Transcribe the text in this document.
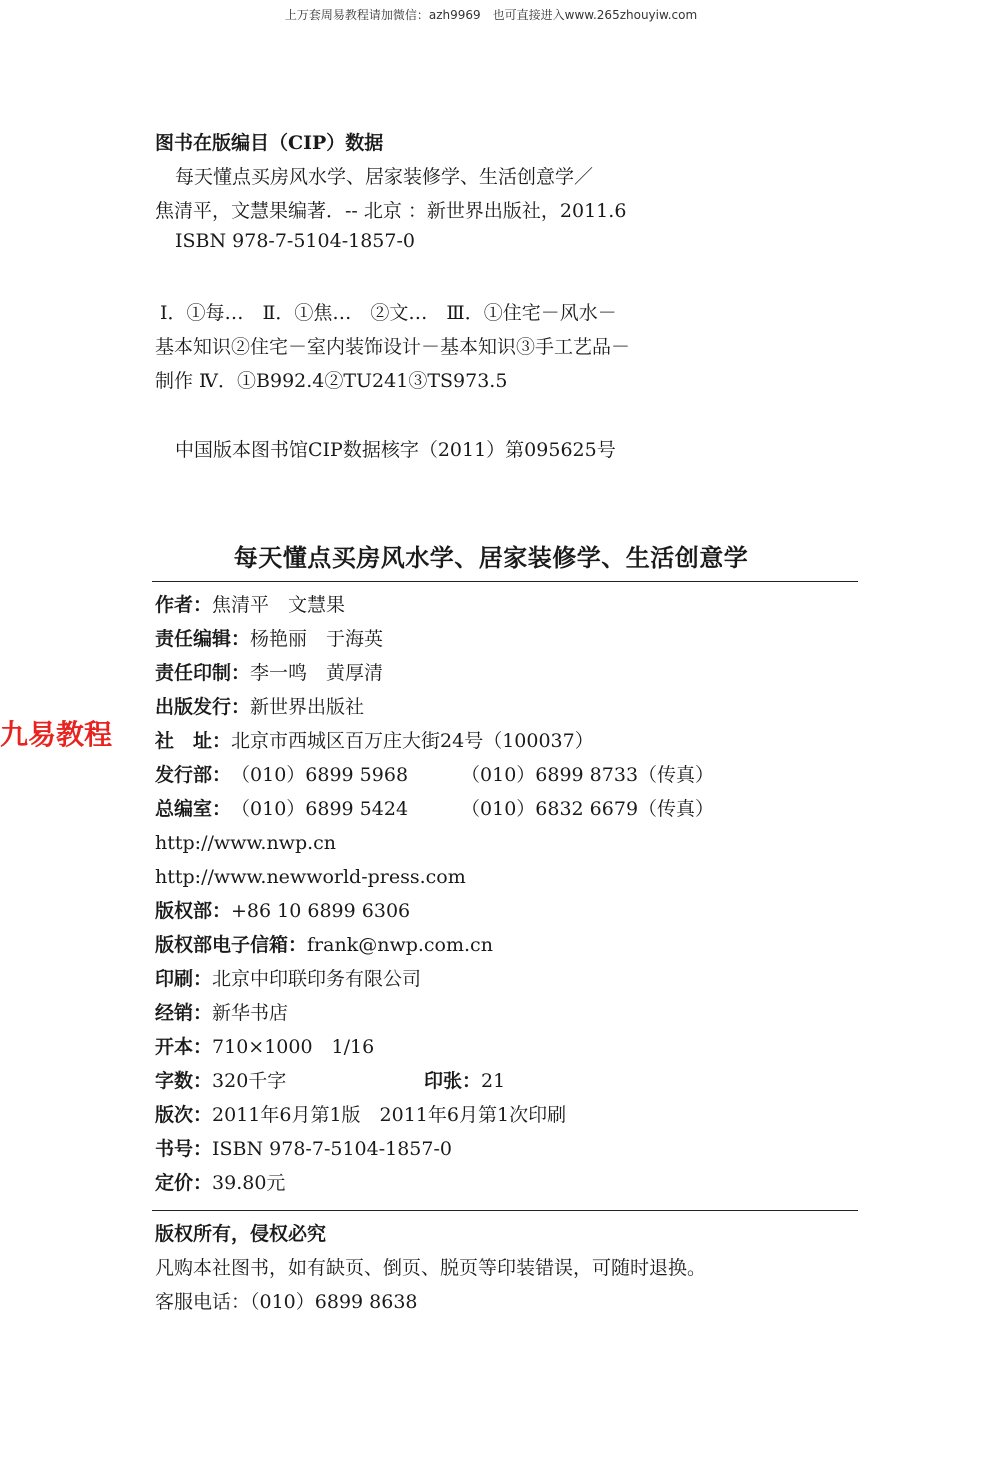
上万套周易教程请加微信：azh9969　也可直接进入www.265zhouyiw.com
九易教程
图书在版编目（CIP）数据
每天懂点买房风水学、居家装修学、生活创意学／
焦清平，文慧果编著．-- 北京 ：新世界出版社，2011.6
ISBN 978-7-5104-1857-0
Ⅰ．①每…　Ⅱ．①焦…　②文…　Ⅲ．①住宅－风水－
基本知识②住宅－室内装饰设计－基本知识③手工艺品－
制作 Ⅳ．①B992.4②TU241③TS973.5
中国版本图书馆CIP数据核字（2011）第095625号
每天懂点买房风水学、居家装修学、生活创意学
作者：焦清平　文慧果
责任编辑：杨艳丽　于海英
责任印制：李一鸣　黄厚清
出版发行：新世界出版社
社　址：北京市西城区百万庄大街24号（100037）
发行部：（010）6899 5968	（010）6899 8733（传真）
总编室：（010）6899 5424	（010）6832 6679（传真）
http://www.nwp.cn
http://www.newworld-press.com
版权部：+86 10 6899 6306
版权部电子信箱：frank@nwp.com.cn
印刷：北京中印联印务有限公司
经销：新华书店
开本：710×1000　1/16
字数：320千字	印张：21
版次：2011年6月第1版　2011年6月第1次印刷
书号：ISBN 978-7-5104-1857-0
定价：39.80元
版权所有，侵权必究
凡购本社图书，如有缺页、倒页、脱页等印装错误，可随时退换。
客服电话：（010）6899 8638
